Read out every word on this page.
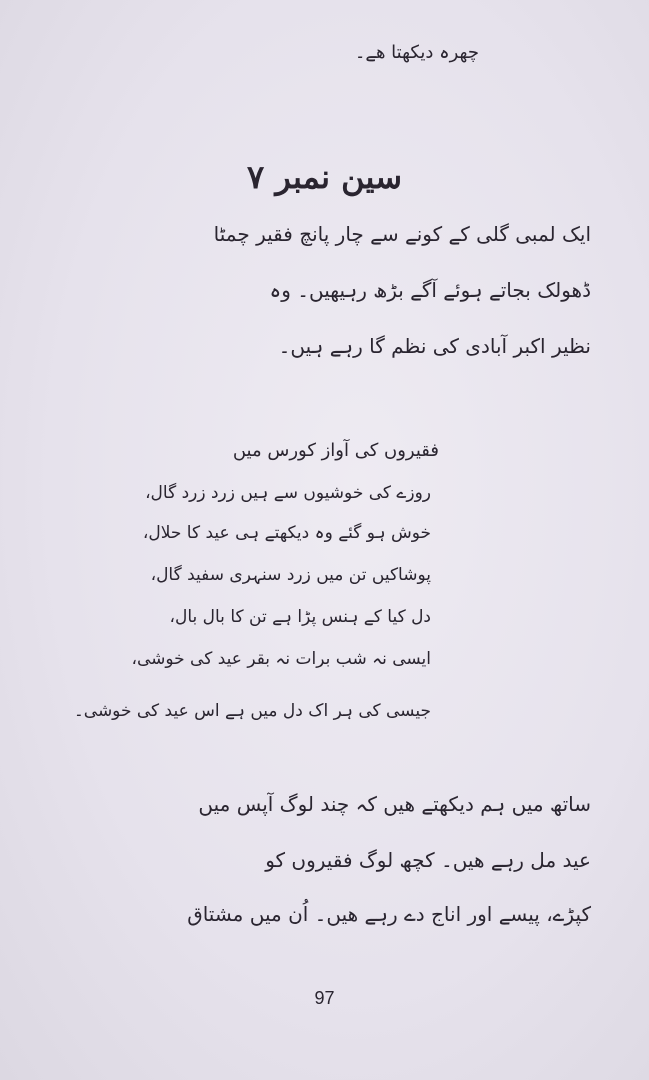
چھرہ دیکھتا ھے۔
سین نمبر ۷
ایک لمبی گلی کے کونے سے چار پانچ فقیر چمٹا
ڈھولک بجاتے ہوئے آگے بڑھ رہیھیں۔ وہ
نظیر اکبر آبادی کی نظم گا رہے ہیں۔
فقیروں کی آواز کورس میں
روزے کی خوشیوں سے ہیں زرد زرد گال،
خوش ہو گئے وہ دیکھتے ہی عید کا حلال،
پوشاکیں تن میں زرد سنہری سفید گال،
دل کیا کے ہنس پڑا ہے تن کا بال بال،
ایسی نہ شب برات نہ بقر عید کی خوشی،
جیسی کی ہر اک دل میں ہے اس عید کی خوشی۔
ساتھ میں ہم دیکھتے ھیں کہ چند لوگ آپس میں
عید مل رہے ھیں۔ کچھ لوگ فقیروں کو
کپڑے، پیسے اور اناج دے رہے ھیں۔ اُن میں مشتاق
97
